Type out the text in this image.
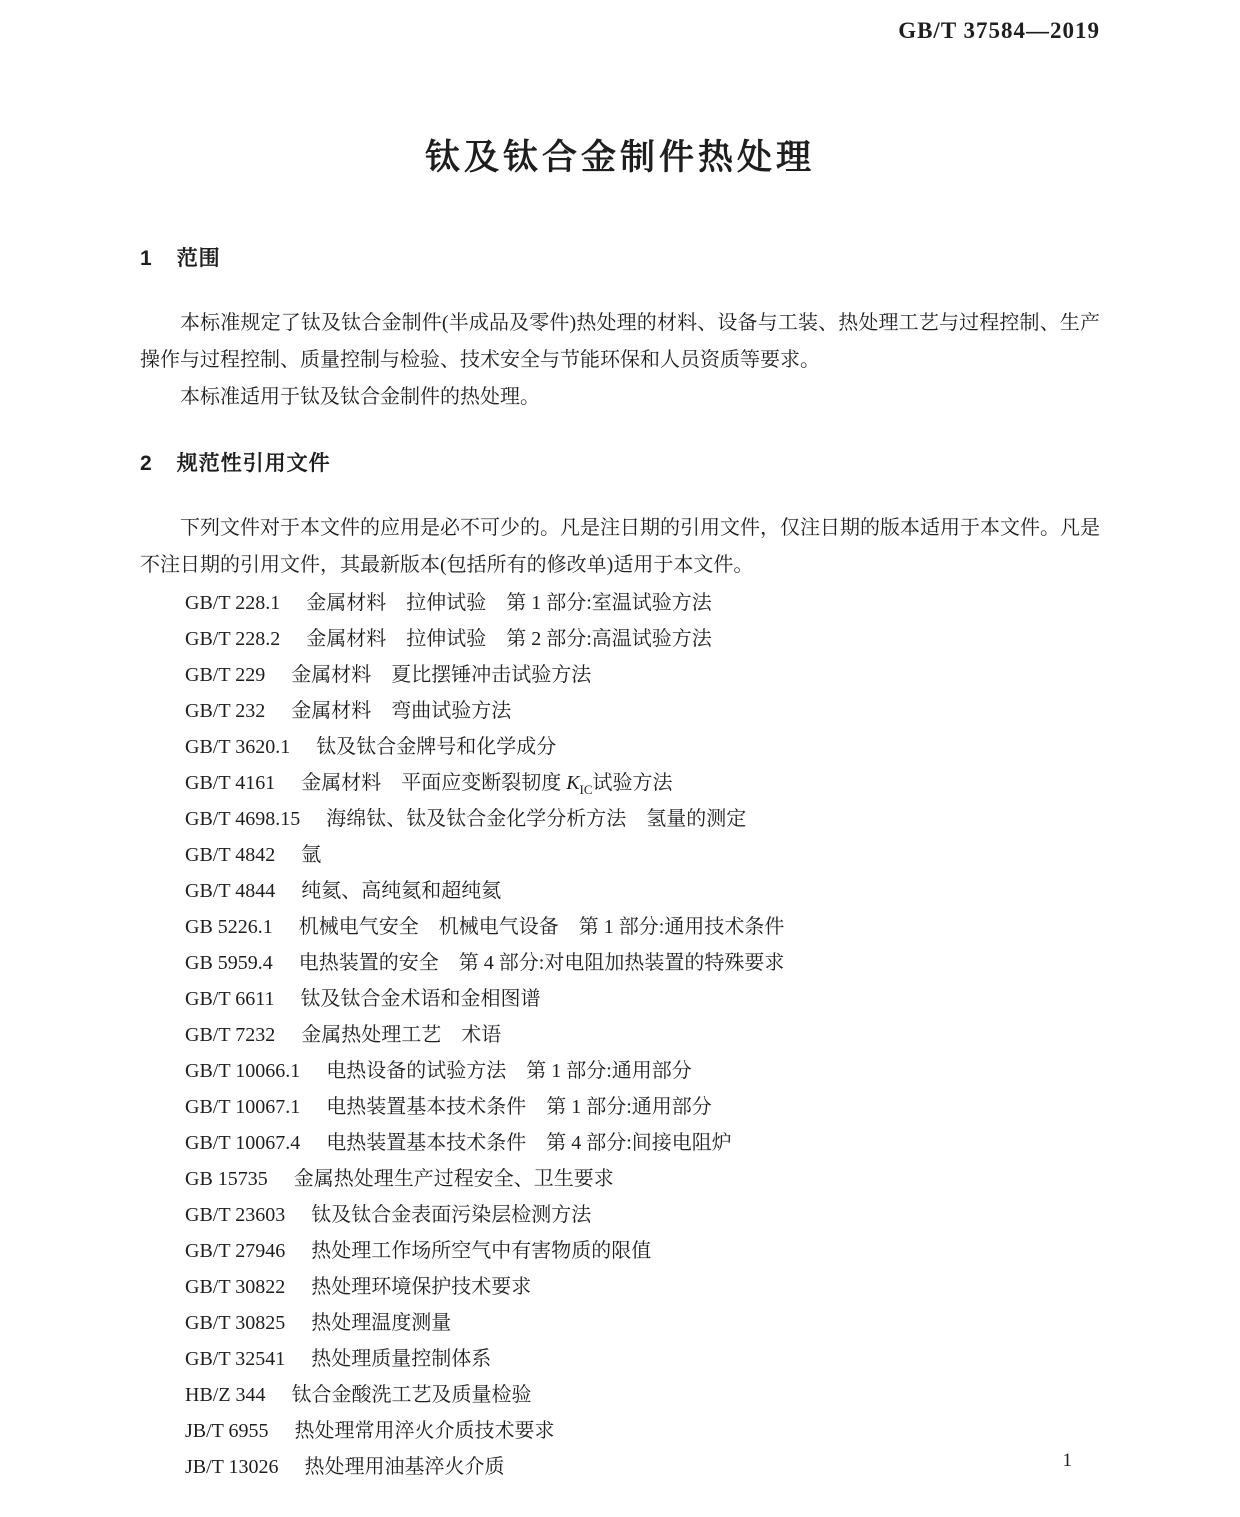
GB/T 37584—2019
钛及钛合金制件热处理
1 范围

本标准规定了钛及钛合金制件(半成品及零件)热处理的材料、设备与工装、热处理工艺与过程控制、生产操作与过程控制、质量控制与检验、技术安全与节能环保和人员资质等要求。

本标准适用于钛及钛合金制件的热处理。

2 规范性引用文件

下列文件对于本文件的应用是必不可少的。凡是注日期的引用文件，仅注日期的版本适用于本文件。凡是不注日期的引用文件，其最新版本(包括所有的修改单)适用于本文件。

GB/T 228.1 金属材料　拉伸试验　第 1 部分:室温试验方法
GB/T 228.2 金属材料　拉伸试验　第 2 部分:高温试验方法
GB/T 229 金属材料　夏比摆锤冲击试验方法
GB/T 232 金属材料　弯曲试验方法
GB/T 3620.1 钛及钛合金牌号和化学成分
GB/T 4161 金属材料　平面应变断裂韧度 $K_{IC}$试验方法
GB/T 4698.15 海绵钛、钛及钛合金化学分析方法　氢量的测定
GB/T 4842 氩
GB/T 4844 纯氦、高纯氦和超纯氦
GB 5226.1 机械电气安全　机械电气设备　第 1 部分:通用技术条件
GB 5959.4 电热装置的安全　第 4 部分:对电阻加热装置的特殊要求
GB/T 6611 钛及钛合金术语和金相图谱
GB/T 7232 金属热处理工艺　术语
GB/T 10066.1 电热设备的试验方法　第 1 部分:通用部分
GB/T 10067.1 电热装置基本技术条件　第 1 部分:通用部分
GB/T 10067.4 电热装置基本技术条件　第 4 部分:间接电阻炉
GB 15735 金属热处理生产过程安全、卫生要求
GB/T 23603 钛及钛合金表面污染层检测方法
GB/T 27946 热处理工作场所空气中有害物质的限值
GB/T 30822 热处理环境保护技术要求
GB/T 30825 热处理温度测量
GB/T 32541 热处理质量控制体系
HB/Z 344 钛合金酸洗工艺及质量检验
JB/T 6955 热处理常用淬火介质技术要求
JB/T 13026 热处理用油基淬火介质	1
